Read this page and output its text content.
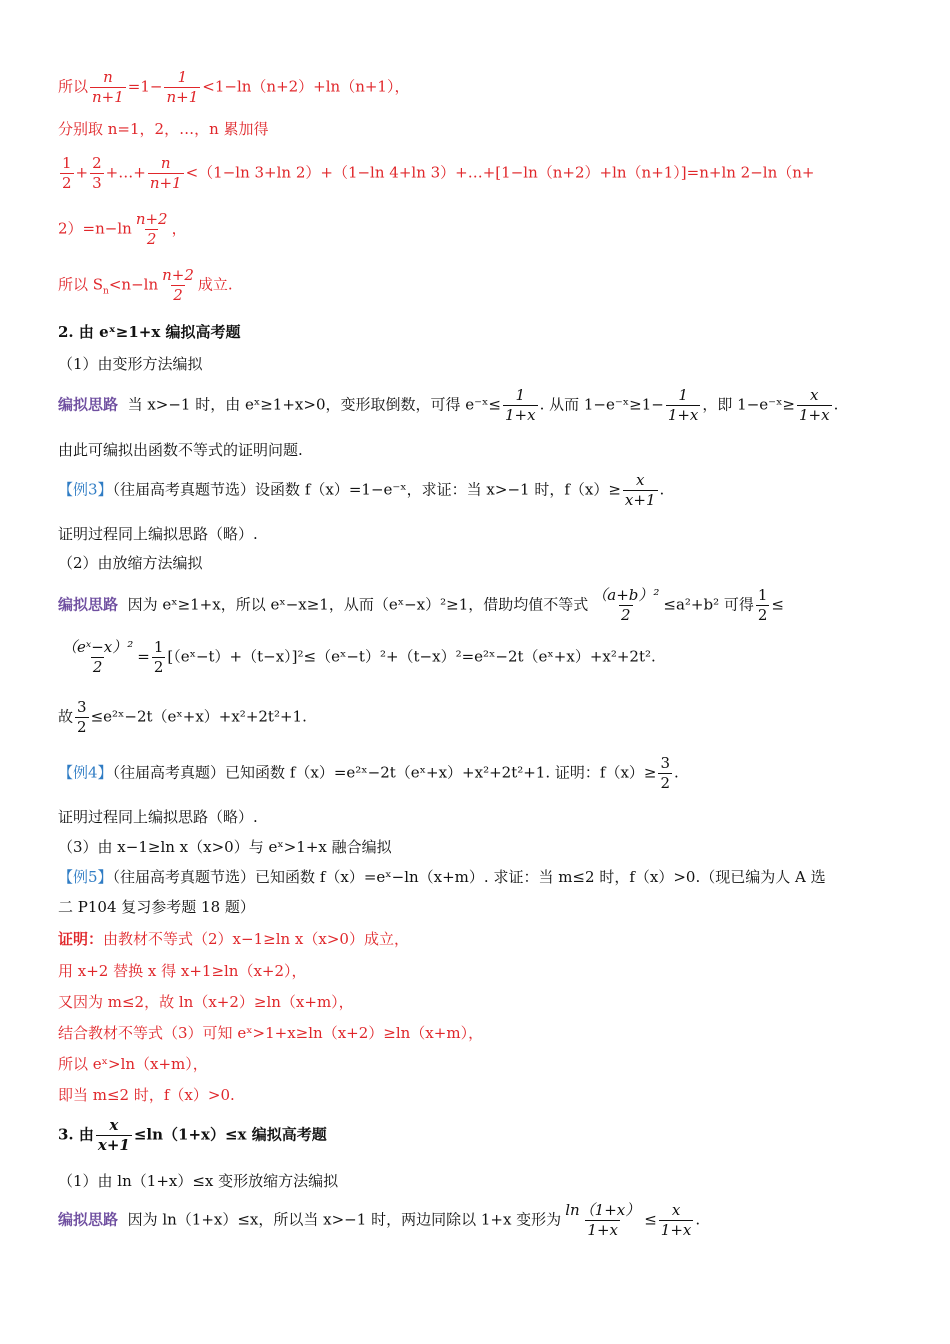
所以 $\frac{n}{n+1} =1- \frac{1}{n+1} <1-\ln(n+2)+\ln(n+1)$，
分别取 n=1，2，…，n 累加得
$\frac{1}{2} + \frac{2}{3}$ +…+ $\frac{n}{n+1} <(1-\ln$ 3+ln 2）+（1−ln 4+ln 3）+…+[1−ln（n+2）+ln（n+1）]=n+ln 2−ln（n+
$2)=n-\ln \frac{n+2}{2}$ ，
所以 $S_n<n-\ln \frac{n+2}{2}$ 成立.
2. 由 eˣ≥1+x 编拟高考题
（1）由变形方法编拟
编拟思路 当 x>−1 时，由 eˣ≥1+x>0，变形取倒数，可得 e⁻ˣ≤ $\frac{1}{1+x}$ . 从而 1−e⁻ˣ≥1− $\frac{1}{1+x}$ ，即 1−e⁻ˣ≥ $\frac{x}{1+x}$ .
由此可编拟出函数不等式的证明问题.
【例3】（往届高考真题节选）设函数 f（x）=1−e⁻ˣ，求证：当 x>−1 时，$f(x)\ge \frac{x}{x+1}$ .
证明过程同上编拟思路（略）.
（2）由放缩方法编拟
编拟思路 因为 eˣ≥1+x，所以 eˣ−x≥1，从而（eˣ−x）²≥1，借助均值不等式 $\frac{\text{（a+b）²}}{2} \le a^2+b^2$ 可得 $\frac{1}{2}$ ≤
$\frac{\text{（eˣ−x）²}}{2} = \frac{1}{2}$ [（eˣ−t）+（t−x）]²≤（eˣ−t）²+（t−x）²=e²ˣ−2t（eˣ+x）+x²+2t².
故 $\frac{3}{2}$ ≤e²ˣ−2t（eˣ+x）+x²+2t²+1.
【例4】（往届高考真题）已知函数 f（x）=e²ˣ−2t（eˣ+x）+x²+2t²+1. 证明：$f(x)\ge \frac{3}{2}$ .
证明过程同上编拟思路（略）.
（3）由 x−1≥ln x（x>0）与 eˣ>1+x 融合编拟
【例5】（往届高考真题节选）已知函数 f（x）=eˣ−ln（x+m）. 求证：当 m≤2 时，f（x）>0.（现已编为人 A 选
二 P104 复习参考题 18 题）
证明：由教材不等式（2）x−1≥ln x（x>0）成立，
用 x+2 替换 x 得 x+1≥ln（x+2），
又因为 m≤2，故 ln（x+2）≥ln（x+m），
结合教材不等式（3）可知 eˣ>1+x≥ln（x+2）≥ln（x+m），
所以 eˣ>ln（x+m），
即当 m≤2 时，f（x）>0.
3. 由 $\frac{x}{x+1} \le\ln(1+x)\le x$ 编拟高考题
（1）由 ln（1+x）≤x 变形放缩方法编拟
编拟思路 因为 ln（1+x）≤x，所以当 x>−1 时，两边同除以 1+x 变形为 $\frac{\ln(1+x)}{1+x} \le \frac{x}{1+x}$ .
